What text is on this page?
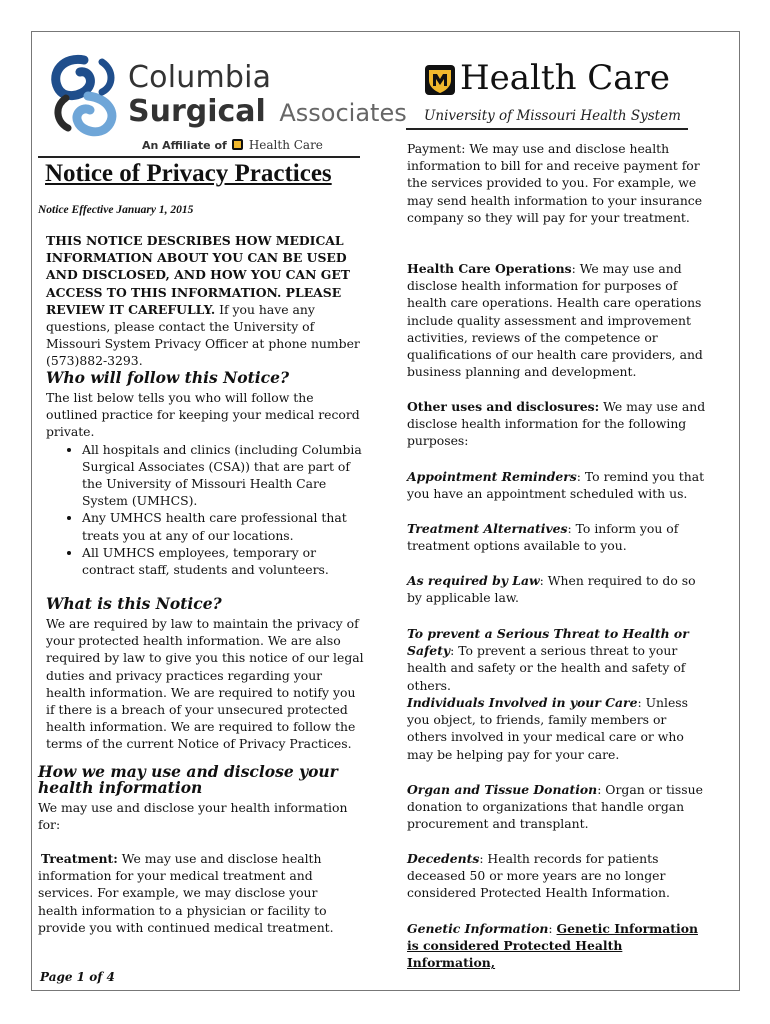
Columbia
Surgical Associates
An Affiliate of Health Care
Health Care
University of Missouri Health System
Notice of Privacy Practices
Notice Effective January 1, 2015
THIS NOTICE DESCRIBES HOW MEDICAL INFORMATION ABOUT YOU CAN BE USED AND DISCLOSED, AND HOW YOU CAN GET ACCESS TO THIS INFORMATION. PLEASE REVIEW IT CAREFULLY. If you have any questions, please contact the University of Missouri System Privacy Officer at phone number (573)882-3293.
Who will follow this Notice?
The list below tells you who will follow the outlined practice for keeping your medical record private.
• All hospitals and clinics (including Columbia Surgical Associates (CSA)) that are part of the University of Missouri Health Care System (UMHCS).
• Any UMHCS health care professional that treats you at any of our locations.
• All UMHCS employees, temporary or contract staff, students and volunteers.
What is this Notice?
We are required by law to maintain the privacy of your protected health information. We are also required by law to give you this notice of our legal duties and privacy practices regarding your health information. We are required to notify you if there is a breach of your unsecured protected health information. We are required to follow the terms of the current Notice of Privacy Practices.
How we may use and disclose your health information
We may use and disclose your health information for:
Treatment: We may use and disclose health information for your medical treatment and services. For example, we may disclose your health information to a physician or facility to provide you with continued medical treatment.
Page 1 of 4
Payment: We may use and disclose health information to bill for and receive payment for the services provided to you. For example, we may send health information to your insurance company so they will pay for your treatment.
Health Care Operations: We may use and disclose health information for purposes of health care operations. Health care operations include quality assessment and improvement activities, reviews of the competence or qualifications of our health care providers, and business planning and development.
Other uses and disclosures: We may use and disclose health information for the following purposes:
Appointment Reminders: To remind you that you have an appointment scheduled with us.
Treatment Alternatives: To inform you of treatment options available to you.
As required by Law: When required to do so by applicable law.
To prevent a Serious Threat to Health or Safety: To prevent a serious threat to your health and safety or the health and safety of others.
Individuals Involved in your Care: Unless you object, to friends, family members or others involved in your medical care or who may be helping pay for your care.
Organ and Tissue Donation: Organ or tissue donation to organizations that handle organ procurement and transplant.
Decedents: Health records for patients deceased 50 or more years are no longer considered Protected Health Information.
Genetic Information: Genetic Information is considered Protected Health Information,
